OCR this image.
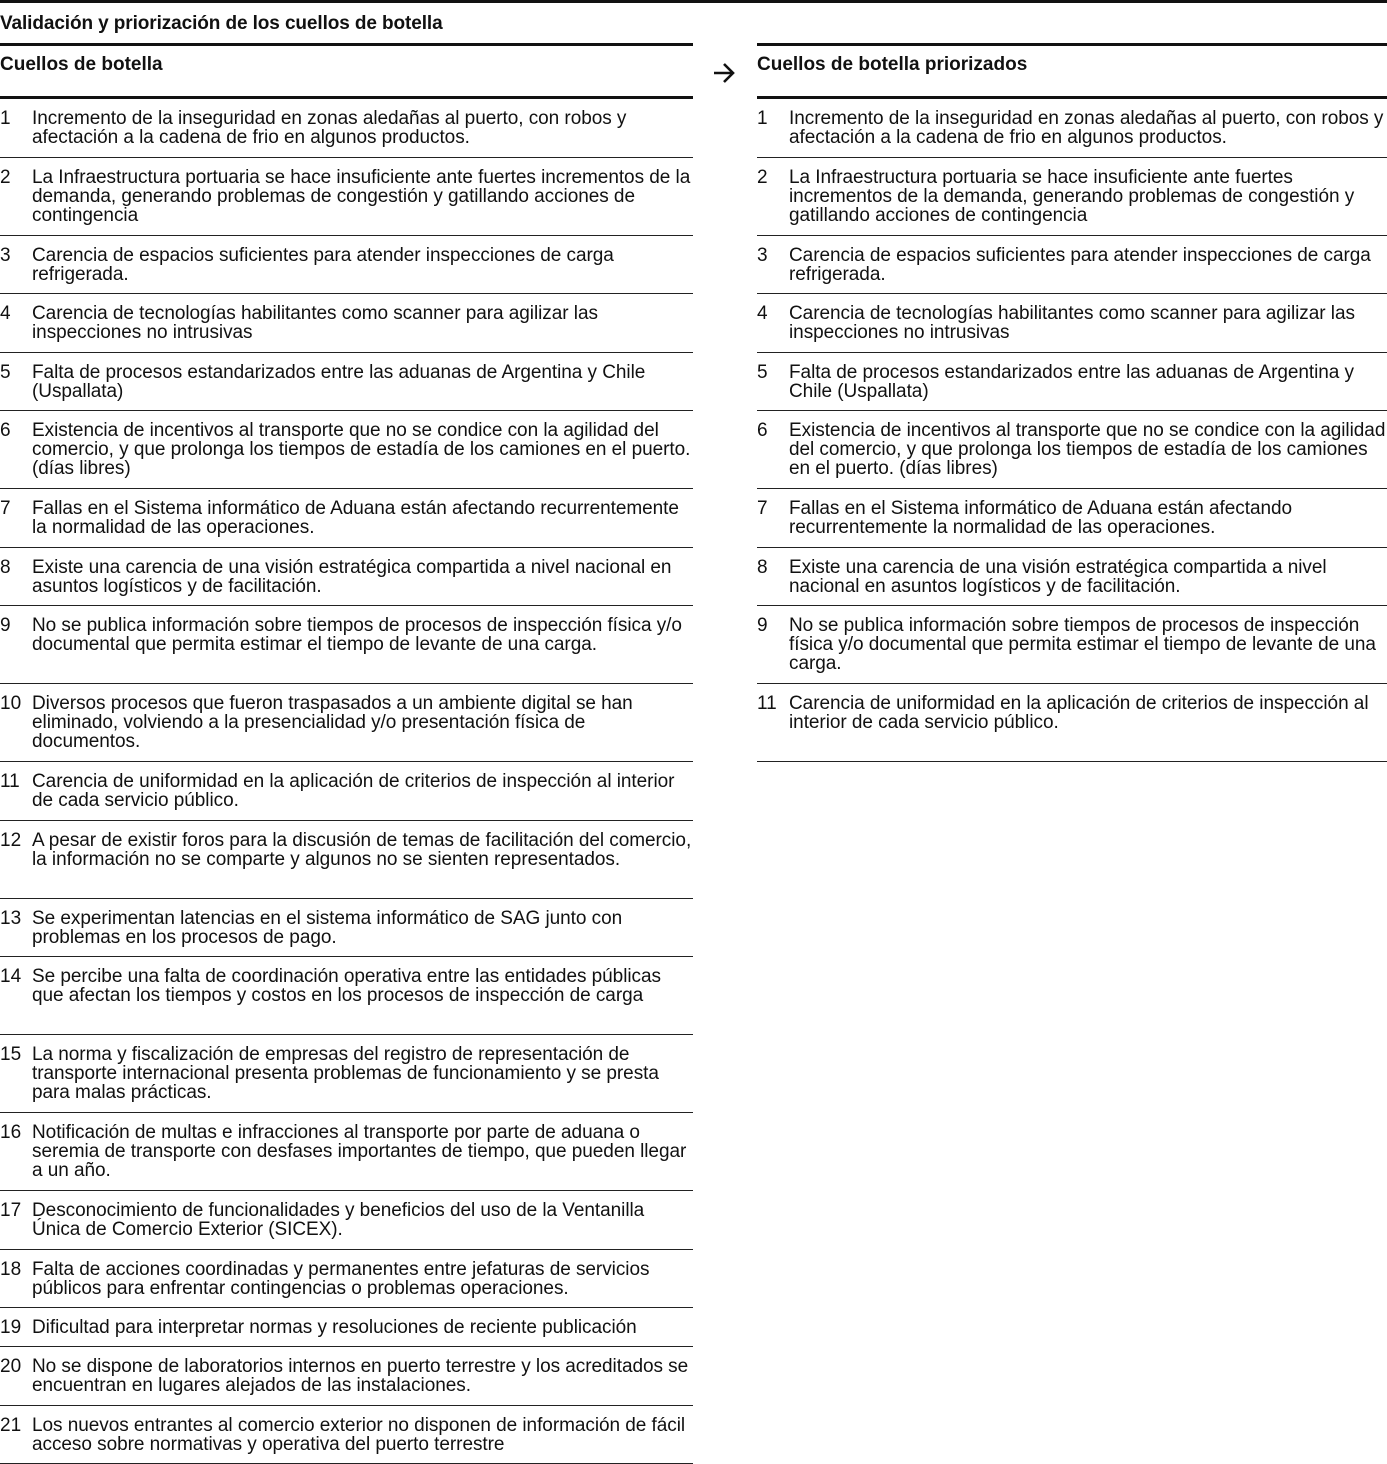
Validación y priorización de los cuellos de botella
Cuellos de botella
1 Incremento de la inseguridad en zonas aledañas al puerto, con robos y afectación a la cadena de frio en algunos productos.
2 La Infraestructura portuaria se hace insuficiente ante fuertes incrementos de la demanda, generando problemas de congestión y gatillando acciones de contingencia
3 Carencia de espacios suficientes para atender inspecciones de carga refrigerada.
4 Carencia de tecnologías habilitantes como scanner para agilizar las inspecciones no intrusivas
5 Falta de procesos estandarizados entre las aduanas de Argentina y Chile (Uspallata)
6 Existencia de incentivos al transporte que no se condice con la agilidad del comercio, y que prolonga los tiempos de estadía de los camiones en el puerto. (días libres)
7 Fallas en el Sistema informático de Aduana están afectando recurrentemente la normalidad de las operaciones.
8 Existe una carencia de una visión estratégica compartida a nivel nacional en asuntos logísticos y de facilitación.
9 No se publica información sobre tiempos de procesos de inspección física y/o documental que permita estimar el tiempo de levante de una carga.
10 Diversos procesos que fueron traspasados a un ambiente digital se han eliminado, volviendo a la presencialidad y/o presentación física de documentos.
11 Carencia de uniformidad en la aplicación de criterios de inspección al interior de cada servicio público.
12 A pesar de existir foros para la discusión de temas de facilitación del comercio, la información no se comparte y algunos no se sienten representados.
13 Se experimentan latencias en el sistema informático de SAG junto con problemas en los procesos de pago.
14 Se percibe una falta de coordinación operativa entre las entidades públicas que afectan los tiempos y costos en los procesos de inspección de carga
15 La norma y fiscalización de empresas del registro de representación de transporte internacional presenta problemas de funcionamiento y se presta para malas prácticas.
16 Notificación de multas e infracciones al transporte por parte de aduana o seremia de transporte con desfases importantes de tiempo, que pueden llegar a un año.
17 Desconocimiento de funcionalidades y beneficios del uso de la Ventanilla Única de Comercio Exterior (SICEX).
18 Falta de acciones coordinadas y permanentes entre jefaturas de servicios públicos para enfrentar contingencias o problemas operaciones.
19 Dificultad para interpretar normas y resoluciones de reciente publicación
20 No se dispone de laboratorios internos en puerto terrestre y los acreditados se encuentran en lugares alejados de las instalaciones.
21 Los nuevos entrantes al comercio exterior no disponen de información de fácil acceso sobre normativas y operativa del puerto terrestre
Cuellos de botella priorizados
1 Incremento de la inseguridad en zonas aledañas al puerto, con robos y afectación a la cadena de frio en algunos productos.
2 La Infraestructura portuaria se hace insuficiente ante fuertes incrementos de la demanda, generando problemas de congestión y gatillando acciones de contingencia
3 Carencia de espacios suficientes para atender inspecciones de carga refrigerada.
4 Carencia de tecnologías habilitantes como scanner para agilizar las inspecciones no intrusivas
5 Falta de procesos estandarizados entre las aduanas de Argentina y Chile (Uspallata)
6 Existencia de incentivos al transporte que no se condice con la agilidad del comercio, y que prolonga los tiempos de estadía de los camiones en el puerto. (días libres)
7 Fallas en el Sistema informático de Aduana están afectando recurrentemente la normalidad de las operaciones.
8 Existe una carencia de una visión estratégica compartida a nivel nacional en asuntos logísticos y de facilitación.
9 No se publica información sobre tiempos de procesos de inspección física y/o documental que permita estimar el tiempo de levante de una carga.
11 Carencia de uniformidad en la aplicación de criterios de inspección al interior de cada servicio público.
